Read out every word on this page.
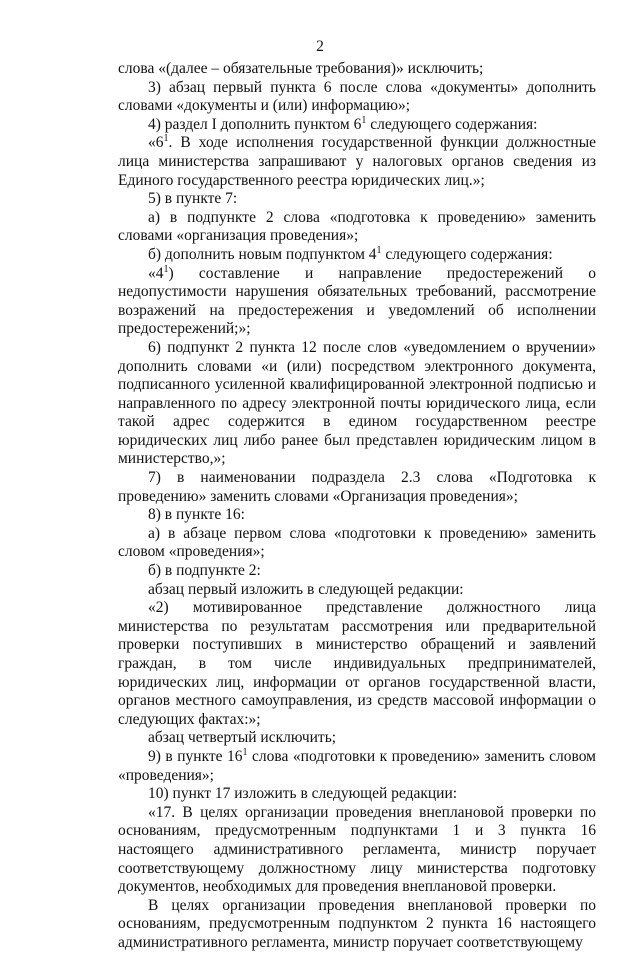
2

слова «(далее – обязательные требования)» исключить;

3) абзац первый пункта 6 после слова «документы» дополнить словами «документы и (или) информацию»;

4) раздел I дополнить пунктом $6^1$ следующего содержания:

«$6^1$. В ходе исполнения государственной функции должностные лица министерства запрашивают у налоговых органов сведения из Единого государственного реестра юридических лиц.»;

5) в пункте 7:

а) в подпункте 2 слова «подготовка к проведению» заменить словами «организация проведения»;

б) дополнить новым подпунктом $4^1$ следующего содержания:

«$4^1$) составление и направление предостережений о недопустимости нарушения обязательных требований, рассмотрение возражений на предостережения и уведомлений об исполнении предостережений;»;

6) подпункт 2 пункта 12 после слов «уведомлением о вручении» дополнить словами «и (или) посредством электронного документа, подписанного усиленной квалифицированной электронной подписью и направленного по адресу электронной почты юридического лица, если такой адрес содержится в едином государственном реестре юридических лиц либо ранее был представлен юридическим лицом в министерство,»;

7) в наименовании подраздела 2.3 слова «Подготовка к проведению» заменить словами «Организация проведения»;

8) в пункте 16:

а) в абзаце первом слова «подготовки к проведению» заменить словом «проведения»;

б) в подпункте 2:

абзац первый изложить в следующей редакции:

«2) мотивированное представление должностного лица министерства по результатам рассмотрения или предварительной проверки поступивших в министерство обращений и заявлений граждан, в том числе индивидуальных предпринимателей, юридических лиц, информации от органов государственной власти, органов местного самоуправления, из средств массовой информации о следующих фактах:»;

абзац четвертый исключить;

9) в пункте $16^1$ слова «подготовки к проведению» заменить словом «проведения»;

10) пункт 17 изложить в следующей редакции:

«17. В целях организации проведения внеплановой проверки по основаниям, предусмотренным подпунктами 1 и 3 пункта 16 настоящего административного регламента, министр поручает соответствующему должностному лицу министерства подготовку документов, необходимых для проведения внеплановой проверки.

В целях организации проведения внеплановой проверки по основаниям, предусмотренным подпунктом 2 пункта 16 настоящего административного регламента, министр поручает соответствующему
